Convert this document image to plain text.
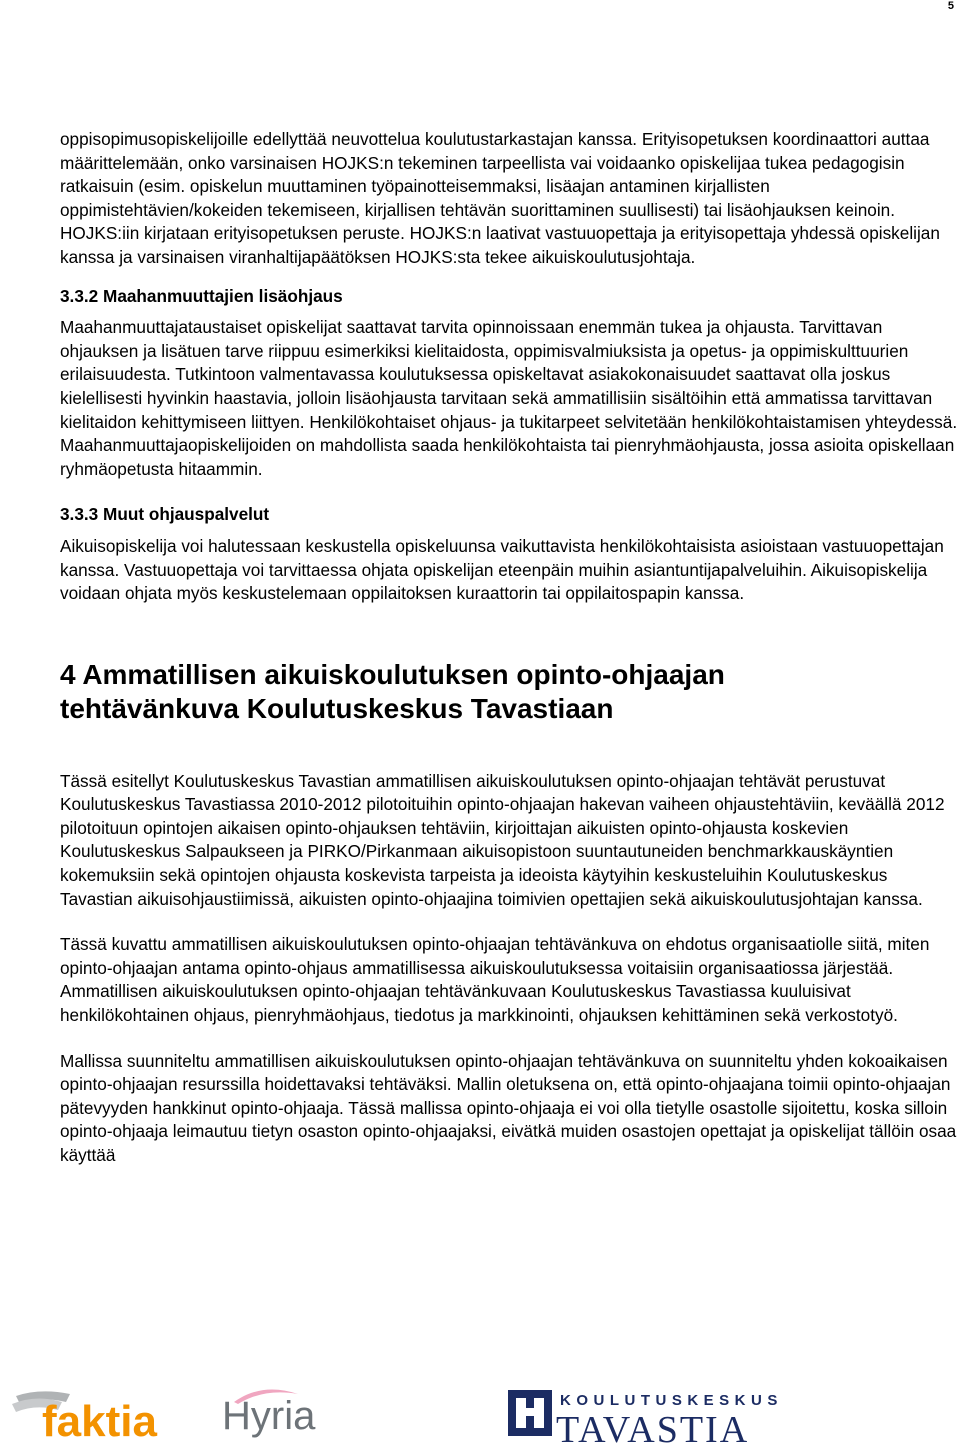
5

oppisopimusopiskelijoille edellyttää neuvottelua koulutustarkastajan kanssa. Erityisopetuksen koordinaattori auttaa määrittelemään, onko varsinaisen HOJKS:n tekeminen tarpeellista vai voidaanko opiskelijaa tukea pedagogisin ratkaisuin (esim. opiskelun muuttaminen työpainotteisemmaksi, lisäajan antaminen kirjallisten oppimistehtävien/kokeiden tekemiseen, kirjallisen tehtävän suorittaminen suullisesti) tai lisäohjauksen keinoin. HOJKS:iin kirjataan erityisopetuksen peruste. HOJKS:n laativat vastuuopettaja ja erityisopettaja yhdessä opiskelijan kanssa ja varsinaisen viranhaltijapäätöksen HOJKS:sta tekee aikuiskoulutusjohtaja.

3.3.2 Maahanmuuttajien lisäohjaus

Maahanmuuttajataustaiset opiskelijat saattavat tarvita opinnoissaan enemmän tukea ja ohjausta. Tarvittavan ohjauksen ja lisätuen tarve riippuu esimerkiksi kielitaidosta, oppimisvalmiuksista ja opetus- ja oppimiskulttuurien erilaisuudesta. Tutkintoon valmentavassa koulutuksessa opiskeltavat asiakokonaisuudet saattavat olla joskus kielellisesti hyvinkin haastavia, jolloin lisäohjausta tarvitaan sekä ammatillisiin sisältöihin että ammatissa tarvittavan kielitaidon kehittymiseen liittyen. Henkilökohtaiset ohjaus- ja tukitarpeet selvitetään henkilökohtaistamisen yhteydessä. Maahanmuuttajaopiskelijoiden on mahdollista saada henkilökohtaista tai pienryhmäohjausta, jossa asioita opiskellaan ryhmäopetusta hitaammin.

3.3.3 Muut ohjauspalvelut

Aikuisopiskelija voi halutessaan keskustella opiskeluunsa vaikuttavista henkilökohtaisista asioistaan vastuuopettajan kanssa. Vastuuopettaja voi tarvittaessa ohjata opiskelijan eteenpäin muihin asiantuntijapalveluihin. Aikuisopiskelija voidaan ohjata myös keskustelemaan oppilaitoksen kuraattorin tai oppilaitospapin kanssa.

4 Ammatillisen aikuiskoulutuksen opinto-ohjaajan tehtävänkuva Koulutuskeskus Tavastiaan

Tässä esitellyt Koulutuskeskus Tavastian ammatillisen aikuiskoulutuksen opinto-ohjaajan tehtävät perustuvat Koulutuskeskus Tavastiassa 2010-2012 pilotoituihin opinto-ohjaajan hakevan vaiheen ohjaustehtäviin, keväällä 2012 pilotoituun opintojen aikaisen opinto-ohjauksen tehtäviin, kirjoittajan aikuisten opinto-ohjausta koskevien Koulutuskeskus Salpaukseen ja PIRKO/Pirkanmaan aikuisopistoon suuntautuneiden benchmarkkauskäyntien kokemuksiin sekä opintojen ohjausta koskevista tarpeista ja ideoista käytyihin keskusteluihin Koulutuskeskus Tavastian aikuisohjaustiimissä, aikuisten opinto-ohjaajina toimivien opettajien sekä aikuiskoulutusjohtajan kanssa.

Tässä kuvattu ammatillisen aikuiskoulutuksen opinto-ohjaajan tehtävänkuva on ehdotus organisaatiolle siitä, miten opinto-ohjaajan antama opinto-ohjaus ammatillisessa aikuiskoulutuksessa voitaisiin organisaatiossa järjestää. Ammatillisen aikuiskoulutuksen opinto-ohjaajan tehtävänkuvaan Koulutuskeskus Tavastiassa kuuluisivat henkilökohtainen ohjaus, pienryhmäohjaus, tiedotus ja markkinointi, ohjauksen kehittäminen sekä verkostotyö.

Mallissa suunniteltu ammatillisen aikuiskoulutuksen opinto-ohjaajan tehtävänkuva on suunniteltu yhden kokoaikaisen opinto-ohjaajan resurssilla hoidettavaksi tehtäväksi. Mallin oletuksena on, että opinto-ohjaajana toimii opinto-ohjaajan pätevyyden hankkinut opinto-ohjaaja. Tässä mallissa opinto-ohjaaja ei voi olla tietylle osastolle sijoitettu, koska silloin opinto-ohjaaja leimautuu tietyn osaston opinto-ohjaajaksi, eivätkä muiden osastojen opettajat ja opiskelijat tällöin osaa käyttää

faktia Hyria	KOULUTUSKESKUS
TAVASTIA
